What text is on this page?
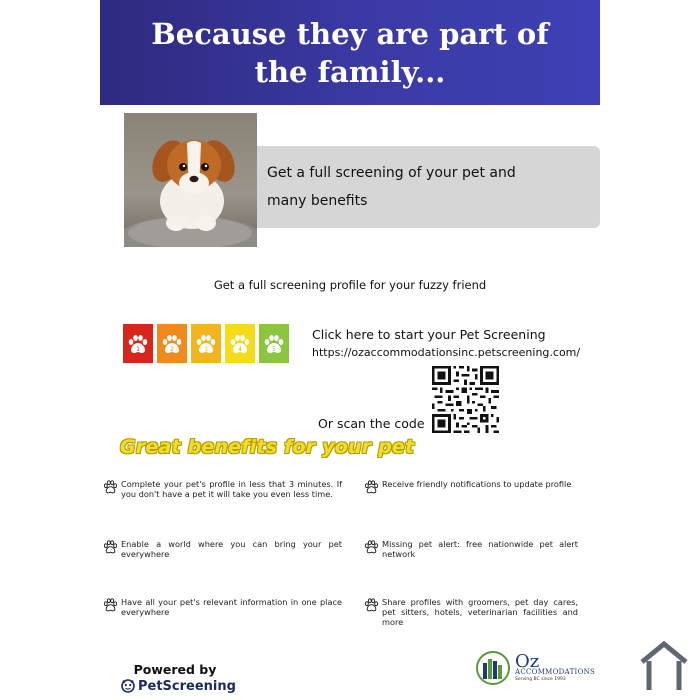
Because they are part of the family...
Get a full screening of your pet and many benefits
Get a full screening profile for your fuzzy friend
1	2	3	4	5
Click here to start your Pet Screening
https://ozaccommodationsinc.petscreening.com/
Or scan the code
Great benefits for your pet
Complete your pet's profile in less that 3 minutes. If you don't have a pet it will take you even less time.
Receive friendly notifications to update profile
Enable a world where you can bring your pet everywhere
Missing pet alert: free nationwide pet alert network
Have all your pet's relevant information in one place everywhere
Share profiles with groomers, pet day cares, pet sitters, hotels, veterinarian facilities and more
Powered by
PetScreening
Oz
ACCOMMODATIONS
Serving BC since 1993
